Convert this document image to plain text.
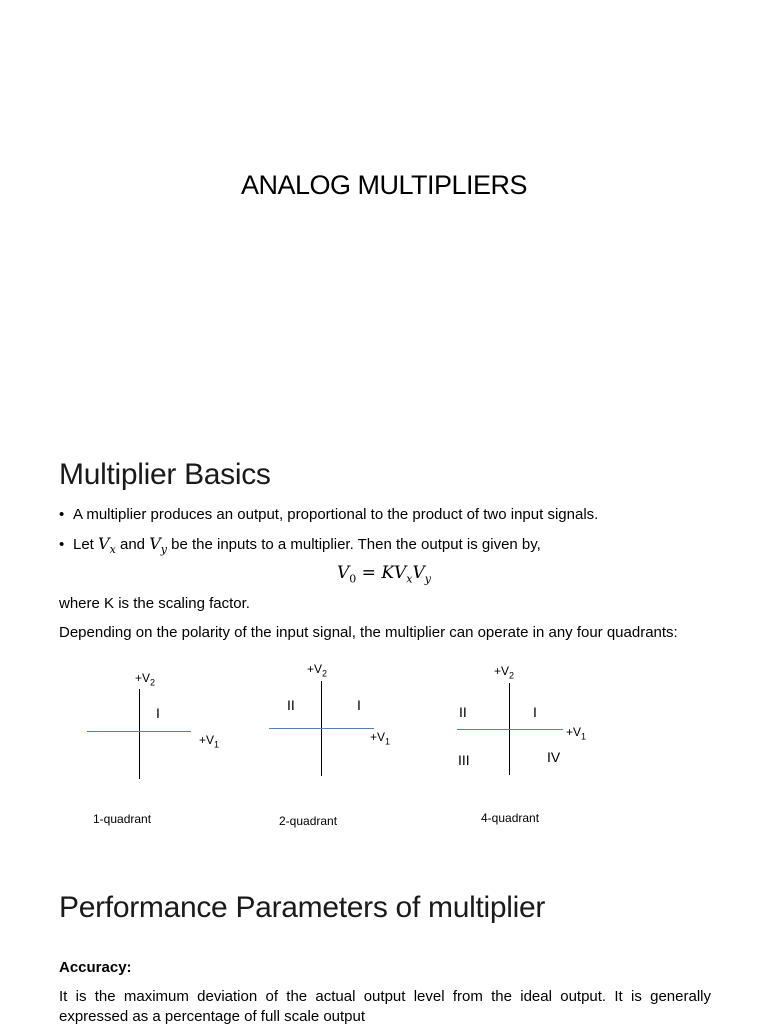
ANALOG MULTIPLIERS
Multiplier Basics
• A multiplier produces an output, proportional to the product of two input signals.
• Let $V_x$ and $V_y$ be the inputs to a multiplier. Then the output is given by,
$V_0 = KV_xV_y$
where K is the scaling factor.
Depending on the polarity of the input signal, the multiplier can operate in any four quadrants:
$+V_2$
$+V_1$
I
1-quadrant
$+V_2$
$+V_1$
II	I
2-quadrant
$+V_2$
$+V_1$
II	I
III	IV
4-quadrant
Performance Parameters of multiplier
Accuracy:
It is the maximum deviation of the actual output level from the ideal output. It is generally expressed as a percentage of full scale output
